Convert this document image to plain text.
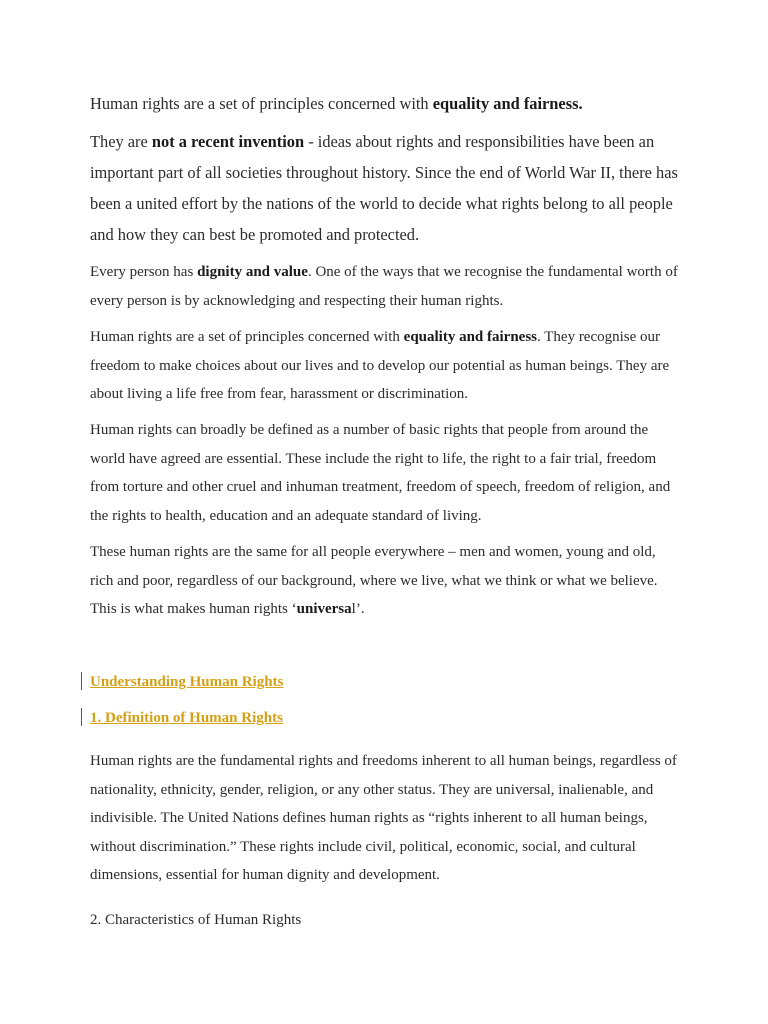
Human rights are a set of principles concerned with equality and fairness.

They are not a recent invention - ideas about rights and responsibilities have been an important part of all societies throughout history. Since the end of World War II, there has been a united effort by the nations of the world to decide what rights belong to all people and how they can best be promoted and protected.

Every person has dignity and value. One of the ways that we recognise the fundamental worth of every person is by acknowledging and respecting their human rights.

Human rights are a set of principles concerned with equality and fairness. They recognise our freedom to make choices about our lives and to develop our potential as human beings. They are about living a life free from fear, harassment or discrimination.

Human rights can broadly be defined as a number of basic rights that people from around the world have agreed are essential. These include the right to life, the right to a fair trial, freedom from torture and other cruel and inhuman treatment, freedom of speech, freedom of religion, and the rights to health, education and an adequate standard of living.

These human rights are the same for all people everywhere – men and women, young and old, rich and poor, regardless of our background, where we live, what we think or what we believe. This is what makes human rights ‘universal’.

Understanding Human Rights

1. Definition of Human Rights

Human rights are the fundamental rights and freedoms inherent to all human beings, regardless of nationality, ethnicity, gender, religion, or any other status. They are universal, inalienable, and indivisible. The United Nations defines human rights as “rights inherent to all human beings, without discrimination.” These rights include civil, political, economic, social, and cultural dimensions, essential for human dignity and development.

2. Characteristics of Human Rights
